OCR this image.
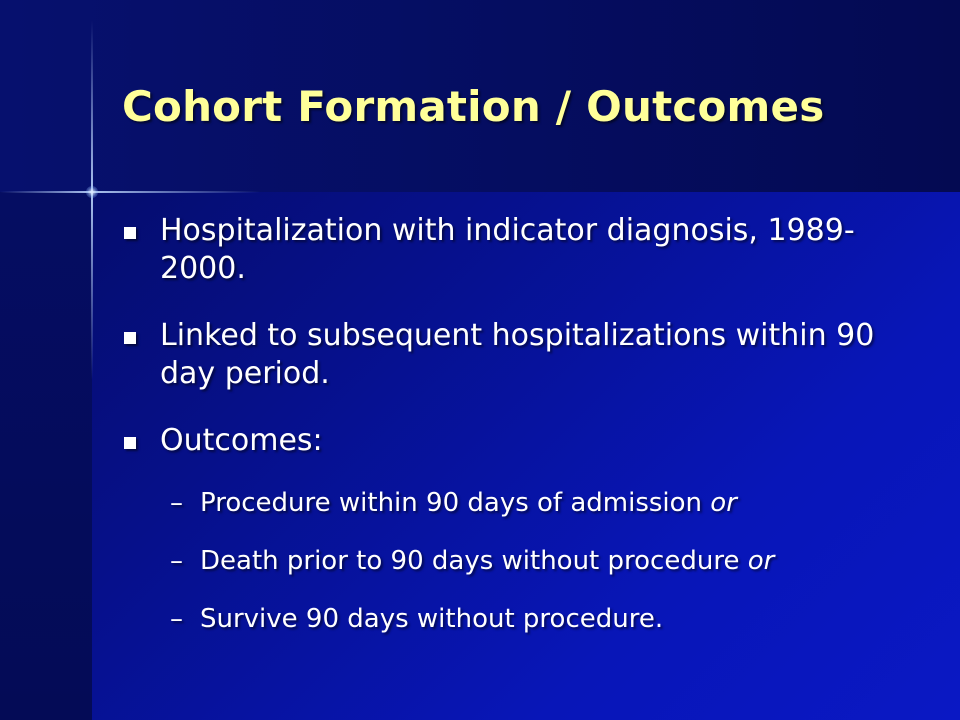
Cohort Formation / Outcomes
Hospitalization with indicator diagnosis, 1989-2000.
Linked to subsequent hospitalizations within 90 day period.
Outcomes:
– Procedure within 90 days of admission or
– Death prior to 90 days without procedure or
– Survive 90 days without procedure.
